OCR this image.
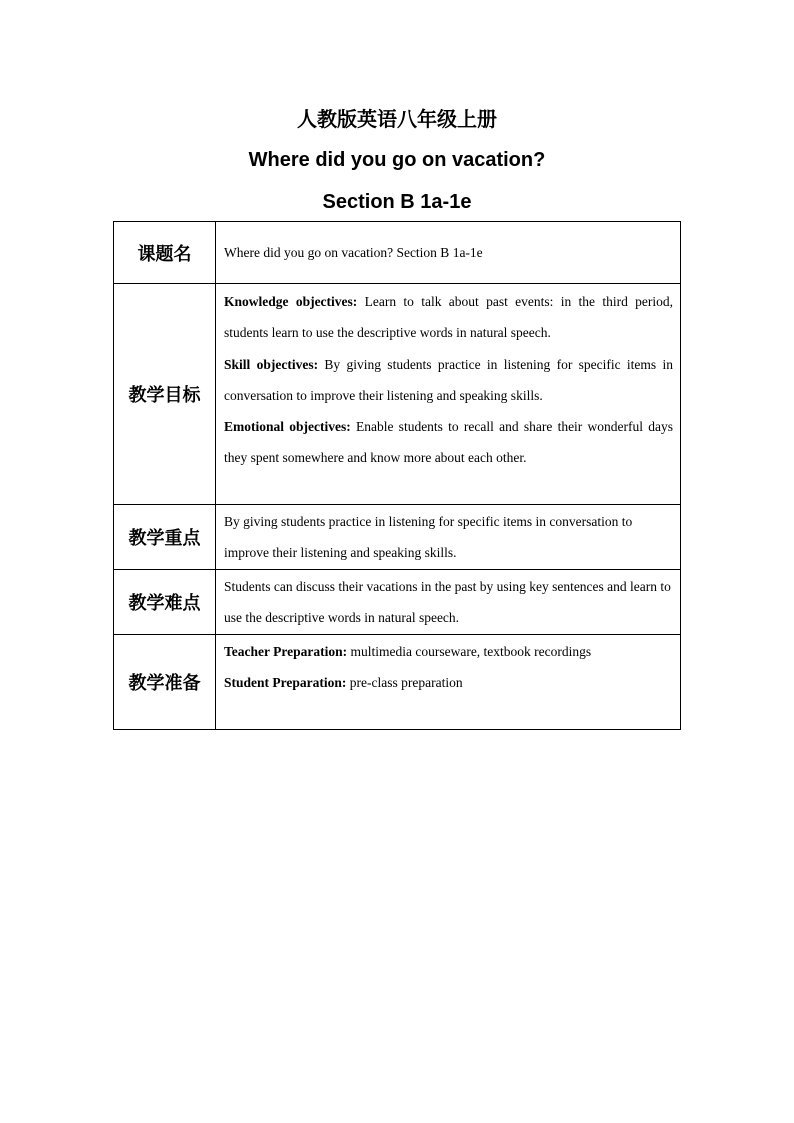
人教版英语八年级上册
Where did you go on vacation?
Section B 1a-1e
课题名	Where did you go on vacation? Section B 1a-1e
教学目标	Knowledge objectives: Learn to talk about past events: in the third period, students learn to use the descriptive words in natural speech.

Skill objectives: By giving students practice in listening for specific items in conversation to improve their listening and speaking skills.

Emotional objectives: Enable students to recall and share their wonderful days they spent somewhere and know more about each other.

教学重点	By giving students practice in listening for specific items in conversation to improve their listening and speaking skills.
教学难点	Students can discuss their vacations in the past by using key sentences and learn to use the descriptive words in natural speech.
教学准备	Teacher Preparation: multimedia courseware, textbook recordings

Student Preparation: pre-class preparation
